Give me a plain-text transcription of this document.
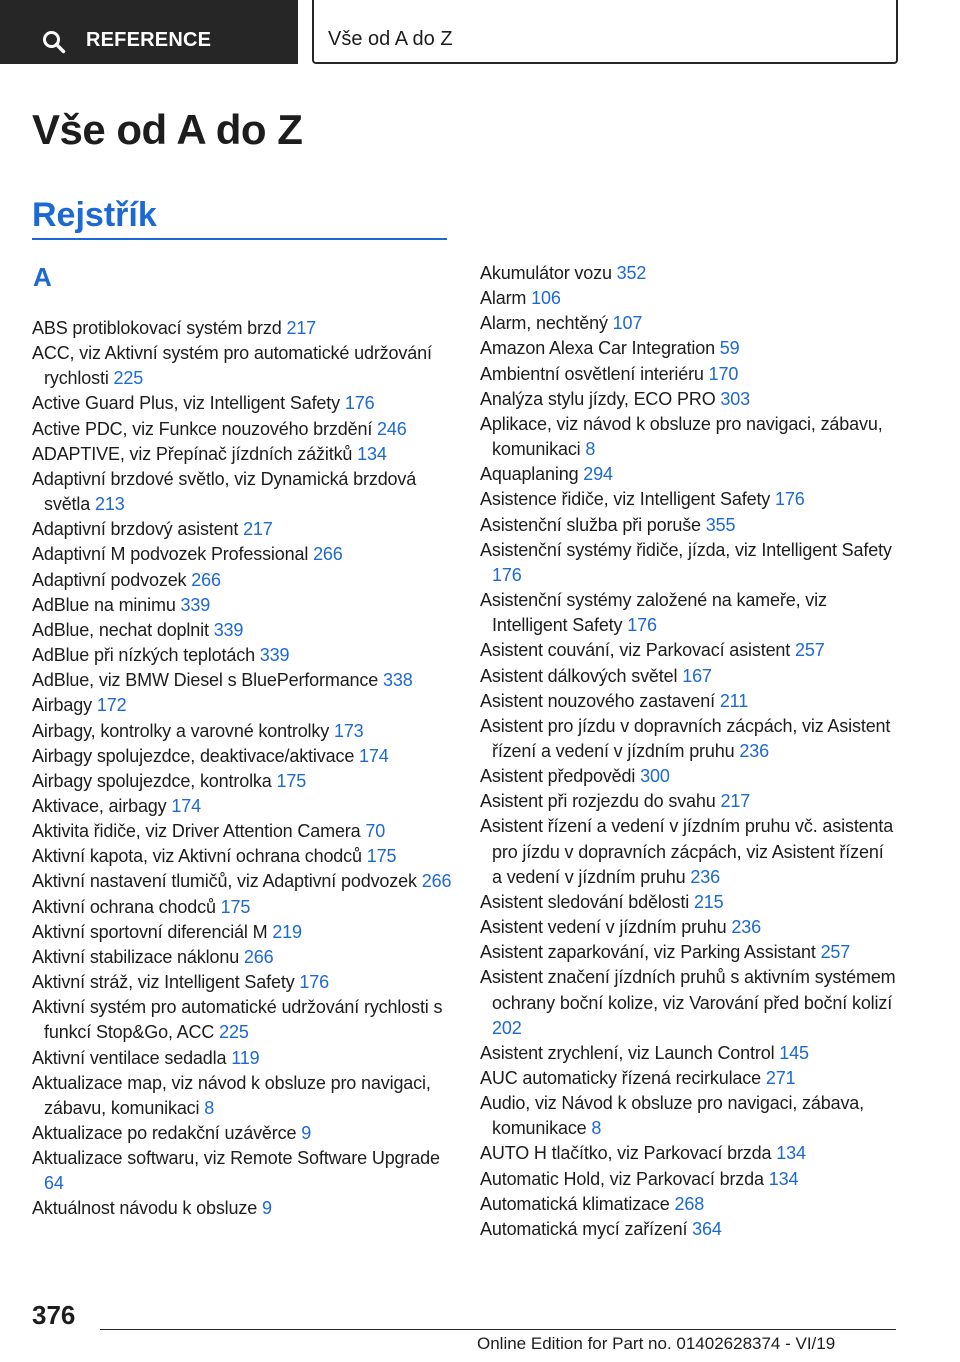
REFERENCE	Vše od A do Z
Vše od A do Z
Rejstřík
A
ABS protiblokovací systém brzd 217
ACC, viz Aktivní systém pro automatické udržování rychlosti 225
Active Guard Plus, viz Intelligent Safety 176
Active PDC, viz Funkce nouzového brzdění 246
ADAPTIVE, viz Přepínač jízdních zážitků 134
Adaptivní brzdové světlo, viz Dynamická brzdová světla 213
Adaptivní brzdový asistent 217
Adaptivní M podvozek Professional 266
Adaptivní podvozek 266
AdBlue na minimu 339
AdBlue, nechat doplnit 339
AdBlue při nízkých teplotách 339
AdBlue, viz BMW Diesel s BluePerformance 338
Airbagy 172
Airbagy, kontrolky a varovné kontrolky 173
Airbagy spolujezdce, deaktivace/aktivace 174
Airbagy spolujezdce, kontrolka 175
Aktivace, airbagy 174
Aktivita řidiče, viz Driver Attention Camera 70
Aktivní kapota, viz Aktivní ochrana chodců 175
Aktivní nastavení tlumičů, viz Adaptivní podvozek 266
Aktivní ochrana chodců 175
Aktivní sportovní diferenciál M 219
Aktivní stabilizace náklonu 266
Aktivní stráž, viz Intelligent Safety 176
Aktivní systém pro automatické udržování rychlosti s funkcí Stop&Go, ACC 225
Aktivní ventilace sedadla 119
Aktualizace map, viz návod k obsluze pro navigaci, zábavu, komunikaci 8
Aktualizace po redakční uzávěrce 9
Aktualizace softwaru, viz Remote Software Upgrade 64
Aktuálnost návodu k obsluze 9
Akumulátor vozu 352
Alarm 106
Alarm, nechtěný 107
Amazon Alexa Car Integration 59
Ambientní osvětlení interiéru 170
Analýza stylu jízdy, ECO PRO 303
Aplikace, viz návod k obsluze pro navigaci, zábavu, komunikaci 8
Aquaplaning 294
Asistence řidiče, viz Intelligent Safety 176
Asistenční služba při poruše 355
Asistenční systémy řidiče, jízda, viz Intelligent Safety 176
Asistenční systémy založené na kameře, viz Intelligent Safety 176
Asistent couvání, viz Parkovací asistent 257
Asistent dálkových světel 167
Asistent nouzového zastavení 211
Asistent pro jízdu v dopravních zácpách, viz Asistent řízení a vedení v jízdním pruhu 236
Asistent předpovědi 300
Asistent při rozjezdu do svahu 217
Asistent řízení a vedení v jízdním pruhu vč. asistenta pro jízdu v dopravních zácpách, viz Asistent řízení a vedení v jízdním pruhu 236
Asistent sledování bdělosti 215
Asistent vedení v jízdním pruhu 236
Asistent zaparkování, viz Parking Assistant 257
Asistent značení jízdních pruhů s aktivním systémem ochrany boční kolize, viz Varování před boční kolizí 202
Asistent zrychlení, viz Launch Control 145
AUC automaticky řízená recirkulace 271
Audio, viz Návod k obsluze pro navigaci, zábava, komunikace 8
AUTO H tlačítko, viz Parkovací brzda 134
Automatic Hold, viz Parkovací brzda 134
Automatická klimatizace 268
Automatická mycí zařízení 364
376
Online Edition for Part no. 01402628374 - VI/19
